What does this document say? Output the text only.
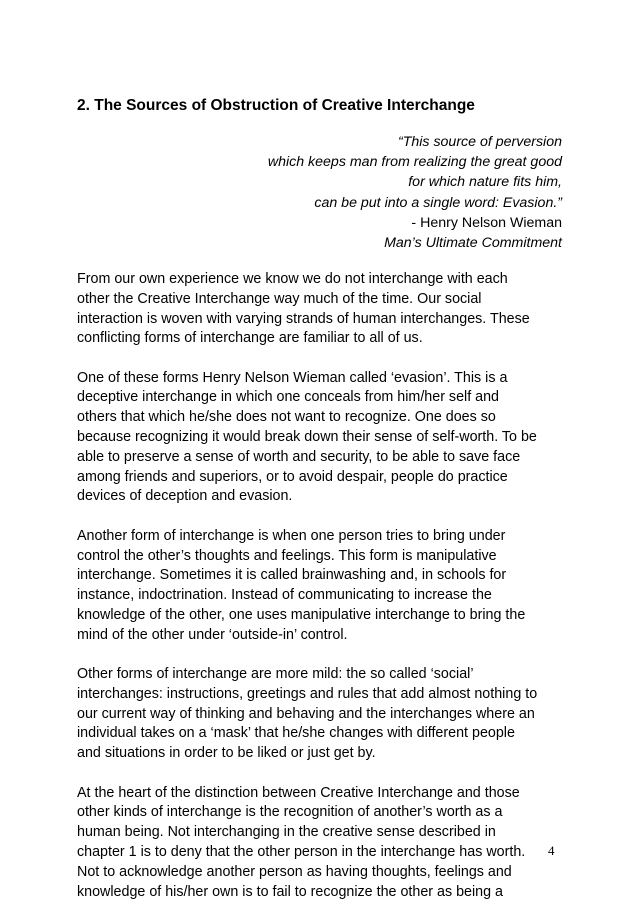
2. The Sources of Obstruction of Creative Interchange
“This source of perversion
which keeps man from realizing the great good
for which nature fits him,
can be put into a single word: Evasion.”
- Henry Nelson Wieman
Man’s Ultimate Commitment

From our own experience we know we do not interchange with each
other the Creative Interchange way much of the time. Our social
interaction is woven with varying strands of human interchanges. These
conflicting forms of interchange are familiar to all of us.

One of these forms Henry Nelson Wieman called ‘evasion’. This is a
deceptive interchange in which one conceals from him/her self and
others that which he/she does not want to recognize. One does so
because recognizing it would break down their sense of self-worth. To be
able to preserve a sense of worth and security, to be able to save face
among friends and superiors, or to avoid despair, people do practice
devices of deception and evasion.

Another form of interchange is when one person tries to bring under
control the other’s thoughts and feelings. This form is manipulative
interchange. Sometimes it is called brainwashing and, in schools for
instance, indoctrination. Instead of communicating to increase the
knowledge of the other, one uses manipulative interchange to bring the
mind of the other under ‘outside-in’ control.

Other forms of interchange are more mild: the so called ‘social’
interchanges: instructions, greetings and rules that add almost nothing to
our current way of thinking and behaving and the interchanges where an
individual takes on a ‘mask’ that he/she changes with different people
and situations in order to be liked or just get by.

At the heart of the distinction between Creative Interchange and those
other kinds of interchange is the recognition of another’s worth as a
human being. Not interchanging in the creative sense described in
chapter 1 is to deny that the other person in the interchange has worth.
Not to acknowledge another person as having thoughts, feelings and
knowledge of his/her own is to fail to recognize the other as being a

4
